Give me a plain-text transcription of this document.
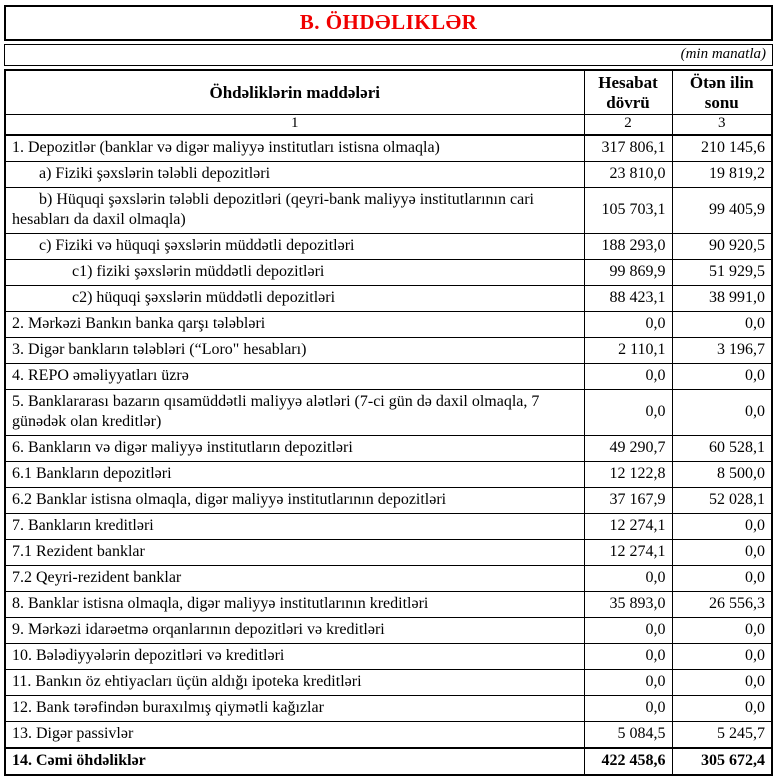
B. ÖHDƏLIKLƏR
(min manatla)
Öhdəliklərin maddələri	Hesabat dövrü	Ötən ilin sonu
1	2	3
1. Depozitlər (banklar və digər maliyyə institutları istisna olmaqla)	317 806,1	210 145,6
a) Fiziki şəxslərin tələbli depozitləri	23 810,0	19 819,2
b) Hüquqi şəxslərin tələbli depozitləri (qeyri-bank maliyyə institutlarının cari hesabları da daxil olmaqla)	105 703,1	99 405,9
c) Fiziki və hüquqi şəxslərin müddətli depozitləri	188 293,0	90 920,5
c1) fiziki şəxslərin müddətli depozitləri	99 869,9	51 929,5
c2) hüquqi şəxslərin müddətli depozitləri	88 423,1	38 991,0
2. Mərkəzi Bankın banka qarşı tələbləri	0,0	0,0
3. Digər bankların tələbləri (“Loro" hesabları)	2 110,1	3 196,7
4. REPO əməliyyatları üzrə	0,0	0,0
5. Banklararası bazarın qısamüddətli maliyyə alətləri (7-ci gün də daxil olmaqla, 7 günədək olan kreditlər)	0,0	0,0
6. Bankların və digər maliyyə institutların depozitləri	49 290,7	60 528,1
6.1 Bankların depozitləri	12 122,8	8 500,0
6.2 Banklar istisna olmaqla, digər maliyyə institutlarının depozitləri	37 167,9	52 028,1
7. Bankların kreditləri	12 274,1	0,0
7.1 Rezident banklar	12 274,1	0,0
7.2 Qeyri-rezident banklar	0,0	0,0
8. Banklar istisna olmaqla, digər maliyyə institutlarının kreditləri	35 893,0	26 556,3
9. Mərkəzi idarəetmə orqanlarının depozitləri və kreditləri	0,0	0,0
10. Bələdiyyələrin depozitləri və kreditləri	0,0	0,0
11. Bankın öz ehtiyacları üçün aldığı ipoteka kreditləri	0,0	0,0
12. Bank tərəfindən buraxılmış qiymətli kağızlar	0,0	0,0
13. Digər passivlər	5 084,5	5 245,7
14. Cəmi öhdəliklər	422 458,6	305 672,4
